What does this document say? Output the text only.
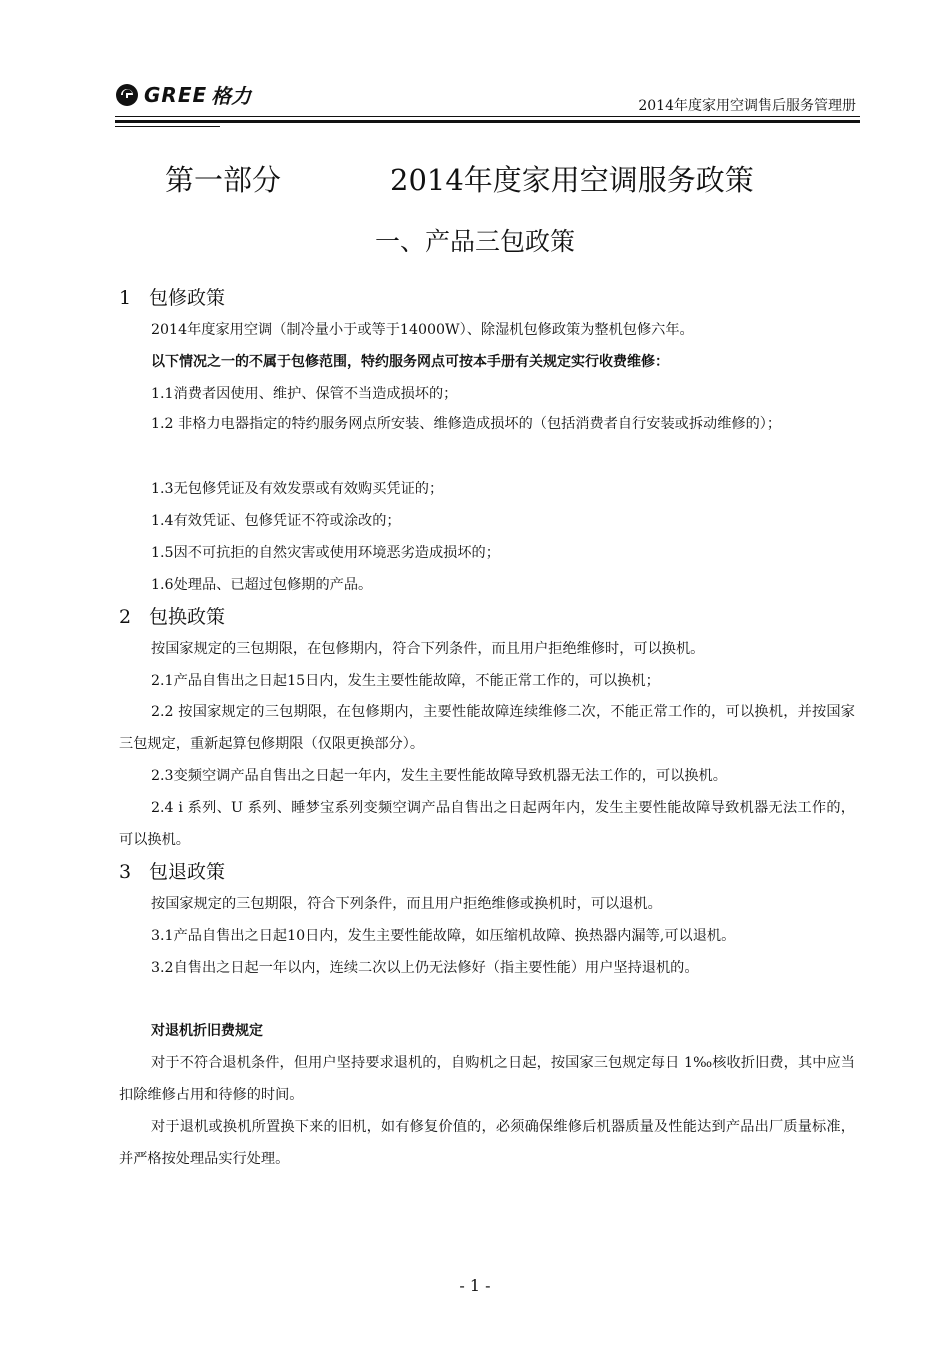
GREE 格力	2014年度家用空调售后服务管理册
第一部分	2014年度家用空调服务政策
一、产品三包政策
1 包修政策
2014年度家用空调（制冷量小于或等于14000W）、除湿机包修政策为整机包修六年。
以下情况之一的不属于包修范围，特约服务网点可按本手册有关规定实行收费维修：
1.1消费者因使用、维护、保管不当造成损坏的；
1.2 非格力电器指定的特约服务网点所安装、维修造成损坏的（包括消费者自行安装或拆动维修的）；
1.3无包修凭证及有效发票或有效购买凭证的；
1.4有效凭证、包修凭证不符或涂改的；
1.5因不可抗拒的自然灾害或使用环境恶劣造成损坏的；
1.6处理品、已超过包修期的产品。
2 包换政策
按国家规定的三包期限，在包修期内，符合下列条件，而且用户拒绝维修时，可以换机。
2.1产品自售出之日起15日内，发生主要性能故障，不能正常工作的，可以换机；
2.2 按国家规定的三包期限，在包修期内，主要性能故障连续维修二次，不能正常工作的，可以换机，并按国家三包规定，重新起算包修期限（仅限更换部分）。
2.3变频空调产品自售出之日起一年内，发生主要性能故障导致机器无法工作的，可以换机。
2.4 i 系列、U 系列、睡梦宝系列变频空调产品自售出之日起两年内，发生主要性能故障导致机器无法工作的，可以换机。
3 包退政策
按国家规定的三包期限，符合下列条件，而且用户拒绝维修或换机时，可以退机。
3.1产品自售出之日起10日内，发生主要性能故障，如压缩机故障、换热器内漏等,可以退机。
3.2自售出之日起一年以内，连续二次以上仍无法修好（指主要性能）用户坚持退机的。
对退机折旧费规定
对于不符合退机条件，但用户坚持要求退机的，自购机之日起，按国家三包规定每日 1‰核收折旧费，其中应当扣除维修占用和待修的时间。
对于退机或换机所置换下来的旧机，如有修复价值的，必须确保维修后机器质量及性能达到产品出厂质量标准，并严格按处理品实行处理。
- 1 -
